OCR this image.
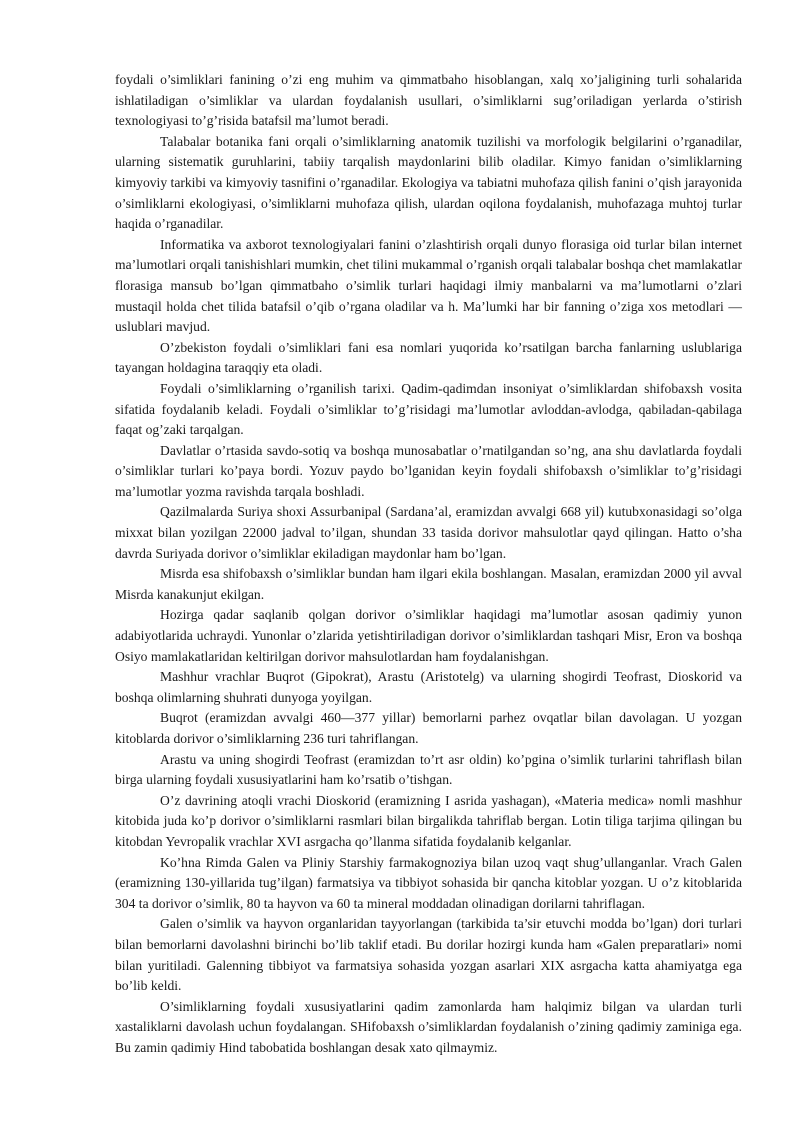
foydali o’simliklari fanining o’zi eng muhim va qimmatbaho hisoblangan, xalq xo’jaligining turli sohalarida ishlatiladigan o’simliklar va ulardan foydalanish usullari, o’simliklarni sug’oriladigan yerlarda o’stirish texnologiyasi to’g’risida batafsil ma’lumot beradi.

Talabalar botanika fani orqali o’simliklarning anatomik tuzilishi va morfologik belgilarini o’rganadilar, ularning sistematik guruhlarini, tabiiy tarqalish maydonlarini bilib oladilar. Kimyo fanidan o’simliklarning kimyoviy tarkibi va kimyoviy tasnifini o’rganadilar. Ekologiya va tabiatni muhofaza qilish fanini o’qish jarayonida o’simliklarni ekologiyasi, o’simliklarni muhofaza qilish, ulardan oqilona foydalanish, muhofazaga muhtoj turlar haqida o’rganadilar.

Informatika va axborot texnologiyalari fanini o’zlashtirish orqali dunyo florasiga oid turlar bilan internet ma’lumotlari orqali tanishishlari mumkin, chet tilini mukammal o’rganish orqali talabalar boshqa chet mamlakatlar florasiga mansub bo’lgan qimmatbaho o’simlik turlari haqidagi ilmiy manbalarni va ma’lumotlarni o’zlari mustaqil holda chet tilida batafsil o’qib o’rgana oladilar va h. Ma’lumki har bir fanning o’ziga xos metodlari — uslublari mavjud.

O’zbekiston foydali o’simliklari fani esa nomlari yuqorida ko’rsatilgan barcha fanlarning uslublariga tayangan holdagina taraqqiy eta oladi.

Foydali o’simliklarning o’rganilish tarixi. Qadim-qadimdan insoniyat o’simliklardan shifobaxsh vosita sifatida foydalanib keladi. Foydali o’simliklar to’g’risidagi ma’lumotlar avloddan-avlodga, qabiladan-qabilaga faqat og’zaki tarqalgan.

Davlatlar o’rtasida savdo-sotiq va boshqa munosabatlar o’rnatilgandan so’ng, ana shu davlatlarda foydali o’simliklar turlari ko’paya bordi. Yozuv paydo bo’lganidan keyin foydali shifobaxsh o’simliklar to’g’risidagi ma’lumotlar yozma ravishda tarqala boshladi.

Qazilmalarda Suriya shoxi Assurbanipal (Sardana’al, eramizdan avvalgi 668 yil) kutubxonasidagi so’olga mixxat bilan yozilgan 22000 jadval to’ilgan, shundan 33 tasida dorivor mahsulotlar qayd qilingan. Hatto o’sha davrda Suriyada dorivor o’simliklar ekiladigan maydonlar ham bo’lgan.

Misrda esa shifobaxsh o’simliklar bundan ham ilgari ekila boshlangan. Masalan, eramizdan 2000 yil avval Misrda kanakunjut ekilgan.

Hozirga qadar saqlanib qolgan dorivor o’simliklar haqidagi ma’lumotlar asosan qadimiy yunon adabiyotlarida uchraydi. Yunonlar o’zlarida yetishtiriladigan dorivor o’simliklardan tashqari Misr, Eron va boshqa Osiyo mamlakatlaridan keltirilgan dorivor mahsulotlardan ham foydalanishgan.

Mashhur vrachlar Buqrot (Gipokrat), Arastu (Aristotelg) va ularning shogirdi Teofrast, Dioskorid va boshqa olimlarning shuhrati dunyoga yoyilgan.

Buqrot (eramizdan avvalgi 460—377 yillar) bemorlarni parhez ovqatlar bilan davolagan. U yozgan kitoblarda dorivor o’simliklarning 236 turi tahriflangan.

Arastu va uning shogirdi Teofrast (eramizdan to’rt asr oldin) ko’pgina o’simlik turlarini tahriflash bilan birga ularning foydali xususiyatlarini ham ko’rsatib o’tishgan.

O’z davrining atoqli vrachi Dioskorid (eramizning I asrida yashagan), «Materia medica» nomli mashhur kitobida juda ko’p dorivor o’simliklarni rasmlari bilan birgalikda tahriflab bergan. Lotin tiliga tarjima qilingan bu kitobdan Yevropalik vrachlar XVI asrgacha qo’llanma sifatida foydalanib kelganlar.

Ko’hna Rimda Galen va Pliniy Starshiy farmakognoziya bilan uzoq vaqt shug’ullanganlar. Vrach Galen (eramizning 130-yillarida tug’ilgan) farmatsiya va tibbiyot sohasida bir qancha kitoblar yozgan. U o’z kitoblarida 304 ta dorivor o’simlik, 80 ta hayvon va 60 ta mineral moddadan olinadigan dorilarni tahriflagan.

Galen o’simlik va hayvon organlaridan tayyorlangan (tarkibida ta’sir etuvchi modda bo’lgan) dori turlari bilan bemorlarni davolashni birinchi bo’lib taklif etadi. Bu dorilar hozirgi kunda ham «Galen preparatlari» nomi bilan yuritiladi. Galenning tibbiyot va farmatsiya sohasida yozgan asarlari XIX asrgacha katta ahamiyatga ega bo’lib keldi.

O’simliklarning foydali xususiyatlarini qadim zamonlarda ham halqimiz bilgan va ulardan turli xastaliklarni davolash uchun foydalangan. SHifobaxsh o’simliklardan foydalanish o’zining qadimiy zaminiga ega. Bu zamin qadimiy Hind tabobatida boshlangan desak xato qilmaymiz.
